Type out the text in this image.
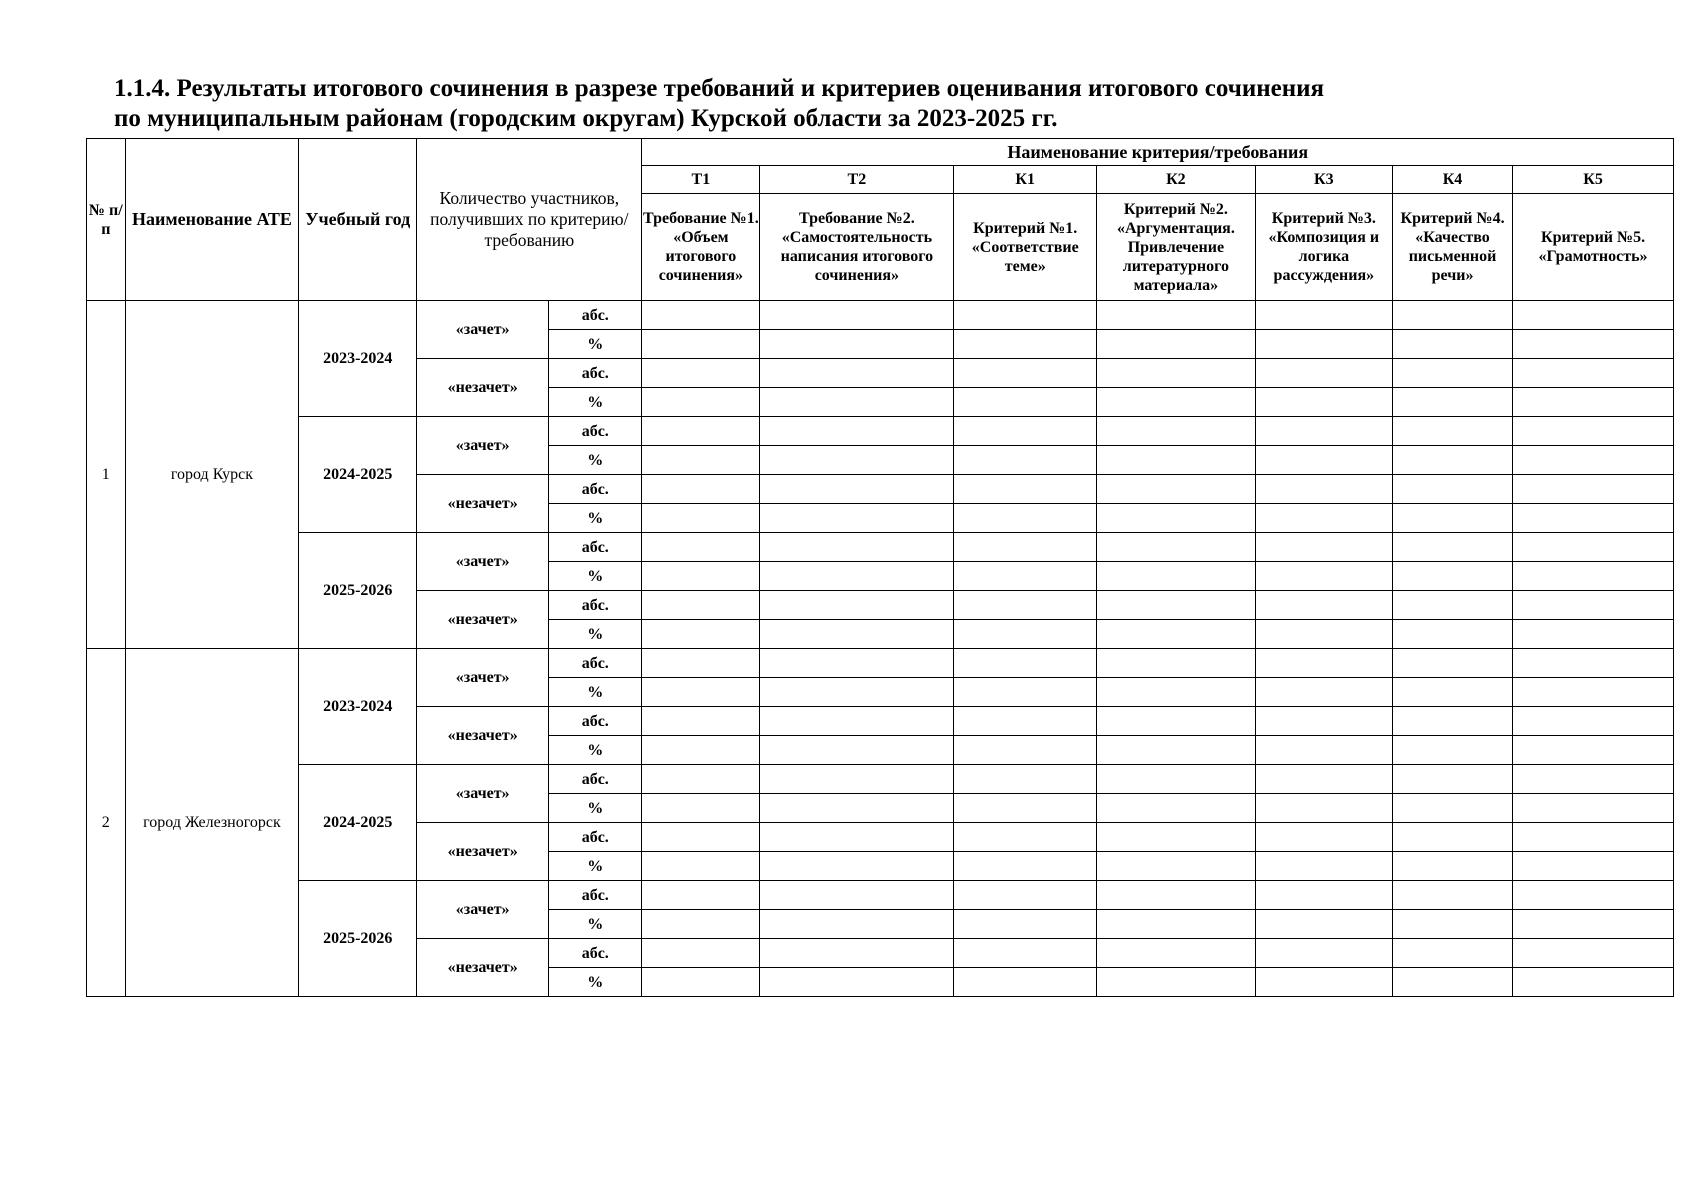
1.1.4. Результаты итогового сочинения в разрезе требований и критериев оценивания итогового сочинения
по муниципальным районам (городским округам) Курской области за 2023-2025 гг.
№ п/п	Наименование АТЕ	Учебный год	Количество участников, получивших по критерию/требованию		Наименование критерия/требования						
					Т1	Т2	К1	К2	К3	К4	К5
					Требование №1. «Объем итогового сочинения»	Требование №2. «Самостоятельность написания итогового сочинения»	Критерий №1. «Соответствие теме»	Критерий №2. «Аргументация. Привлечение литературного материала»	Критерий №3. «Композиция и логика рассуждения»	Критерий №4. «Качество письменной речи»	Критерий №5. «Грамотность»
1	город Курск	2023-2024	«зачет»	абс.							
				%							
			«незачет»	абс.							
				%							
		2024-2025	«зачет»	абс.							
				%							
			«незачет»	абс.							
				%							
		2025-2026	«зачет»	абс.							
				%							
			«незачет»	абс.							
				%							
2	город Железногорск	2023-2024	«зачет»	абс.							
				%							
			«незачет»	абс.							
				%							
		2024-2025	«зачет»	абс.							
				%							
			«незачет»	абс.							
				%							
		2025-2026	«зачет»	абс.							
				%							
			«незачет»	абс.							
				%							
